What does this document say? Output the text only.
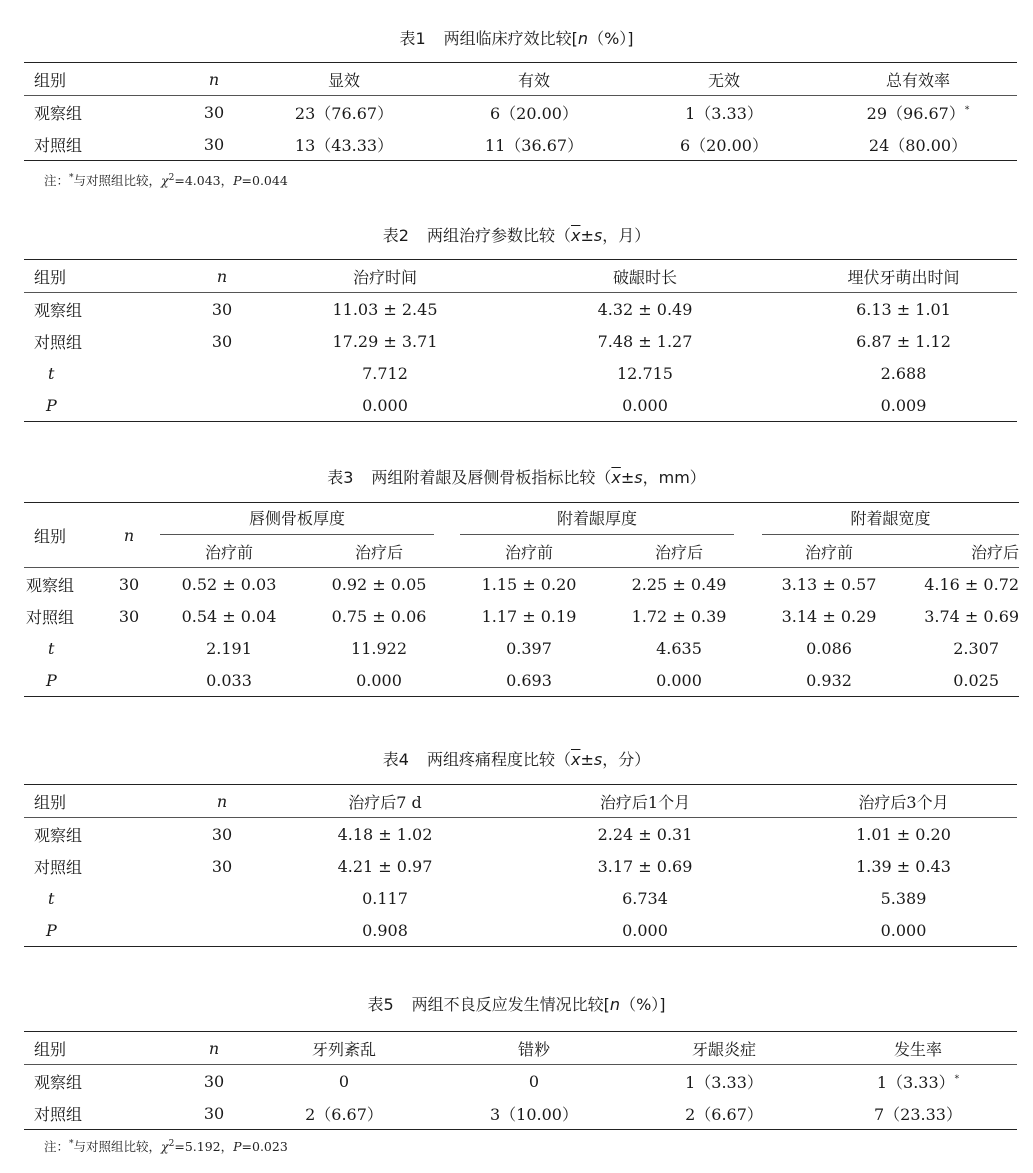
表1 两组临床疗效比较[n（%）]
组别	n	显效	有效	无效	总有效率
观察组	30	23（76.67）	6（20.00）	1（3.33）	29（96.67）*
对照组	30	13（43.33）	11（36.67）	6（20.00）	24（80.00）
注：*与对照组比较，$\chi^2=4.043$，P=0.044
表2 两组治疗参数比较（$\overline{x}\pm s$，月）
组别	n	治疗时间	破龈时长	埋伏牙萌出时间
观察组	30	11.03 ± 2.45	4.32 ± 0.49	6.13 ± 1.01
对照组	30	17.29 ± 3.71	7.48 ± 1.27	6.87 ± 1.12
t		7.712	12.715	2.688
P		0.000	0.000	0.009
表3 两组附着龈及唇侧骨板指标比较（$\overline{x}\pm s$，mm）
组别	n	唇侧骨板厚度		附着龈厚度		附着龈宽度	

		治疗前	治疗后	治疗前	治疗后	治疗前	治疗后
观察组	30	0.52 ± 0.03	0.92 ± 0.05	1.15 ± 0.20	2.25 ± 0.49	3.13 ± 0.57	4.16 ± 0.72
对照组	30	0.54 ± 0.04	0.75 ± 0.06	1.17 ± 0.19	1.72 ± 0.39	3.14 ± 0.29	3.74 ± 0.69
t		2.191	11.922	0.397	4.635	0.086	2.307
P		0.033	0.000	0.693	0.000	0.932	0.025
表4 两组疼痛程度比较（$\overline{x}\pm s$，分）
组别	n	治疗后7 d	治疗后1个月	治疗后3个月
观察组	30	4.18 ± 1.02	2.24 ± 0.31	1.01 ± 0.20
对照组	30	4.21 ± 0.97	3.17 ± 0.69	1.39 ± 0.43
t		0.117	6.734	5.389
P		0.908	0.000	0.000
表5 两组不良反应发生情况比较[n（%）]
组别	n	牙列紊乱	错粆	牙龈炎症	发生率
观察组	30	0	0	1（3.33）	1（3.33）*
对照组	30	2（6.67）	3（10.00）	2（6.67）	7（23.33）
注：*与对照组比较，$\chi^2=5.192$，P=0.023
